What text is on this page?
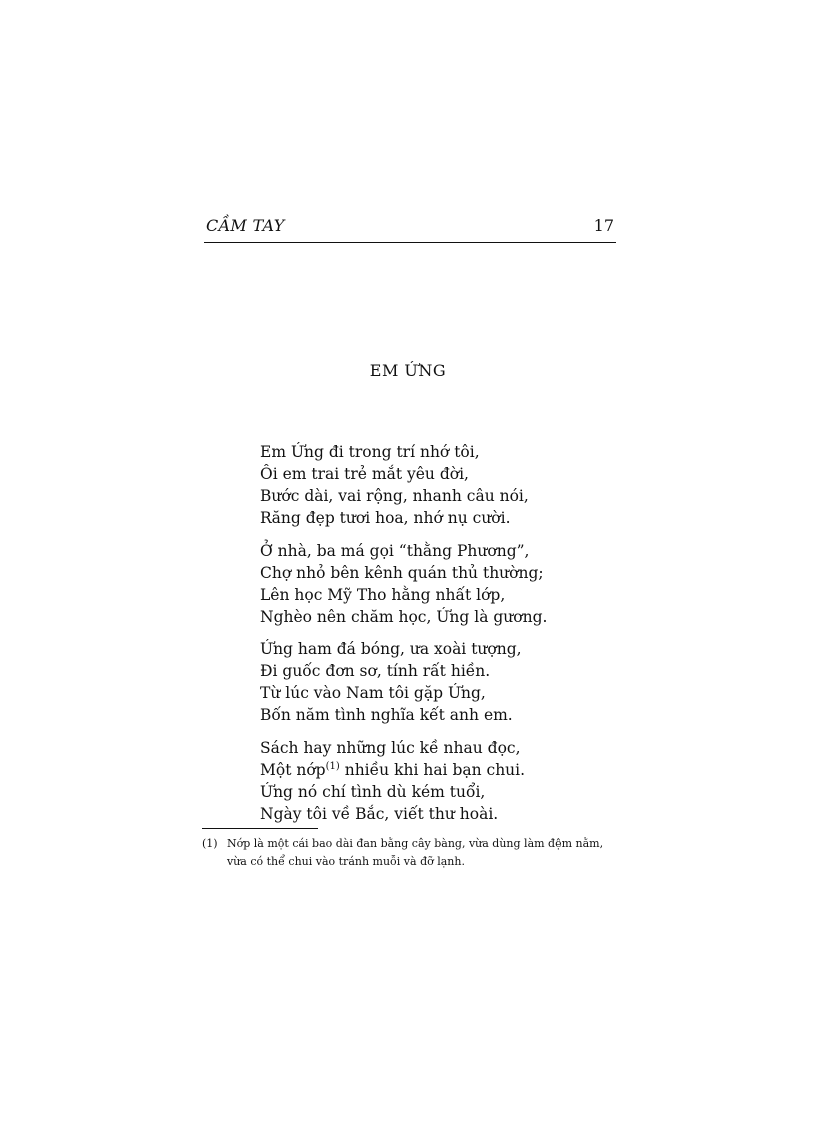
CẦM TAY	17
EM ỨNG
Em Ứng đi trong trí nhớ tôi,
Ôi em trai trẻ mắt yêu đời,
Bước dài, vai rộng, nhanh câu nói,
Răng đẹp tươi hoa, nhớ nụ cười.
Ở nhà, ba má gọi “thằng Phương”,
Chợ nhỏ bên kênh quán thủ thường;
Lên học Mỹ Tho hằng nhất lớp,
Nghèo nên chăm học, Ứng là gương.
Ứng ham đá bóng, ưa xoài tượng,
Đi guốc đơn sơ, tính rất hiền.
Từ lúc vào Nam tôi gặp Ứng,
Bốn năm tình nghĩa kết anh em.
Sách hay những lúc kề nhau đọc,
Một nớp$^{(1)}$ nhiều khi hai bạn chui.
Ứng nó chí tình dù kém tuổi,
Ngày tôi về Bắc, viết thư hoài.
(1) Nớp là một cái bao dài đan bằng cây bàng, vừa dùng làm đệm nằm, vừa có thể chui vào tránh muỗi và đỡ lạnh.
